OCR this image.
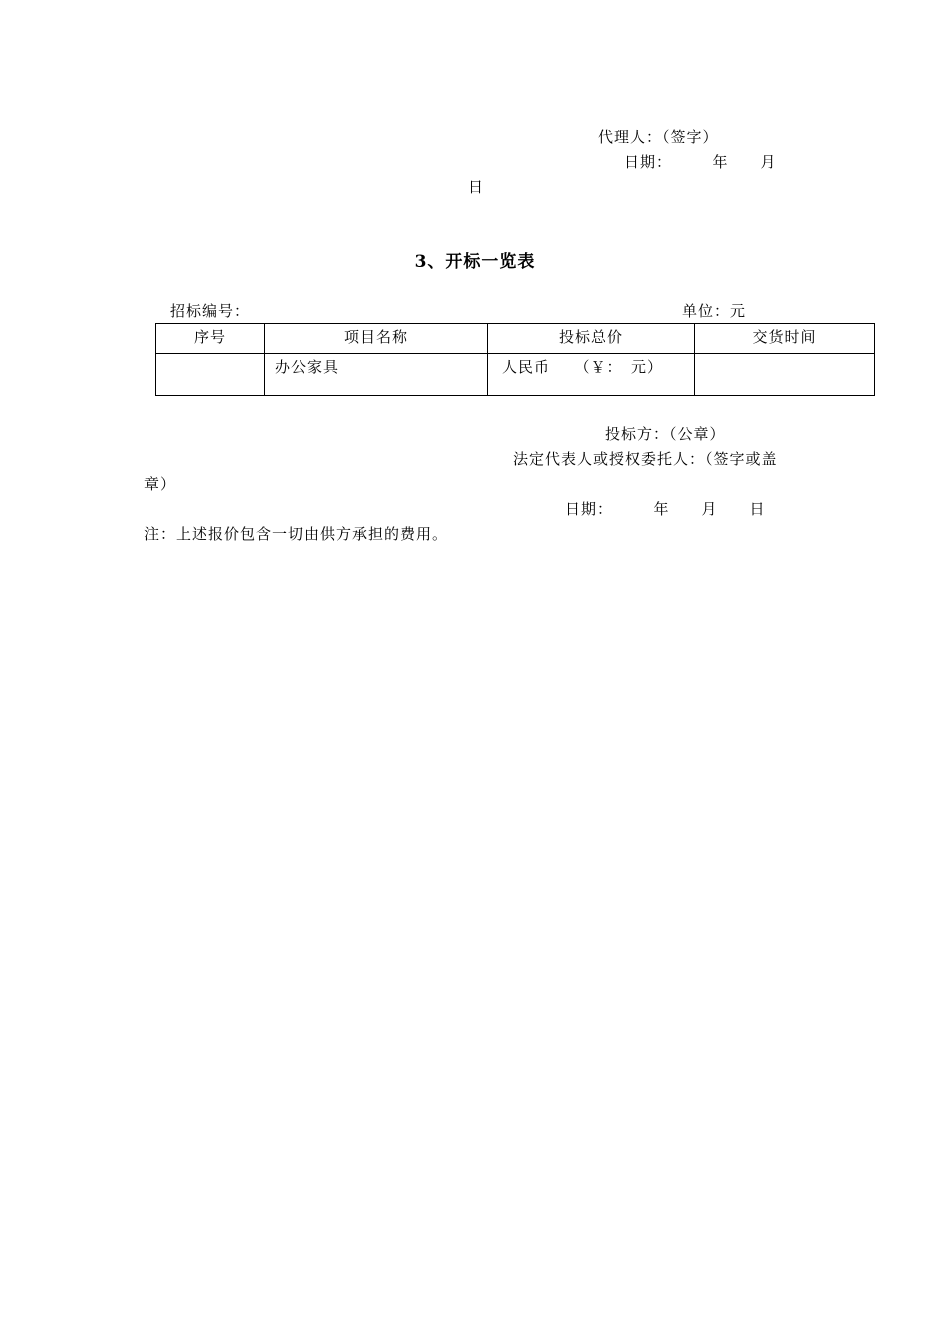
代理人：（签字）
日期：　　　年　　月
日
3、开标一览表
招标编号：	单位：元
序号	项目名称	投标总价	交货时间
	办公家具	人民币　　（￥：　元）	
投标方：（公章）
法定代表人或授权委托人：（签字或盖
章）
日期：　　　年　　月　　日
注：上述报价包含一切由供方承担的费用。
